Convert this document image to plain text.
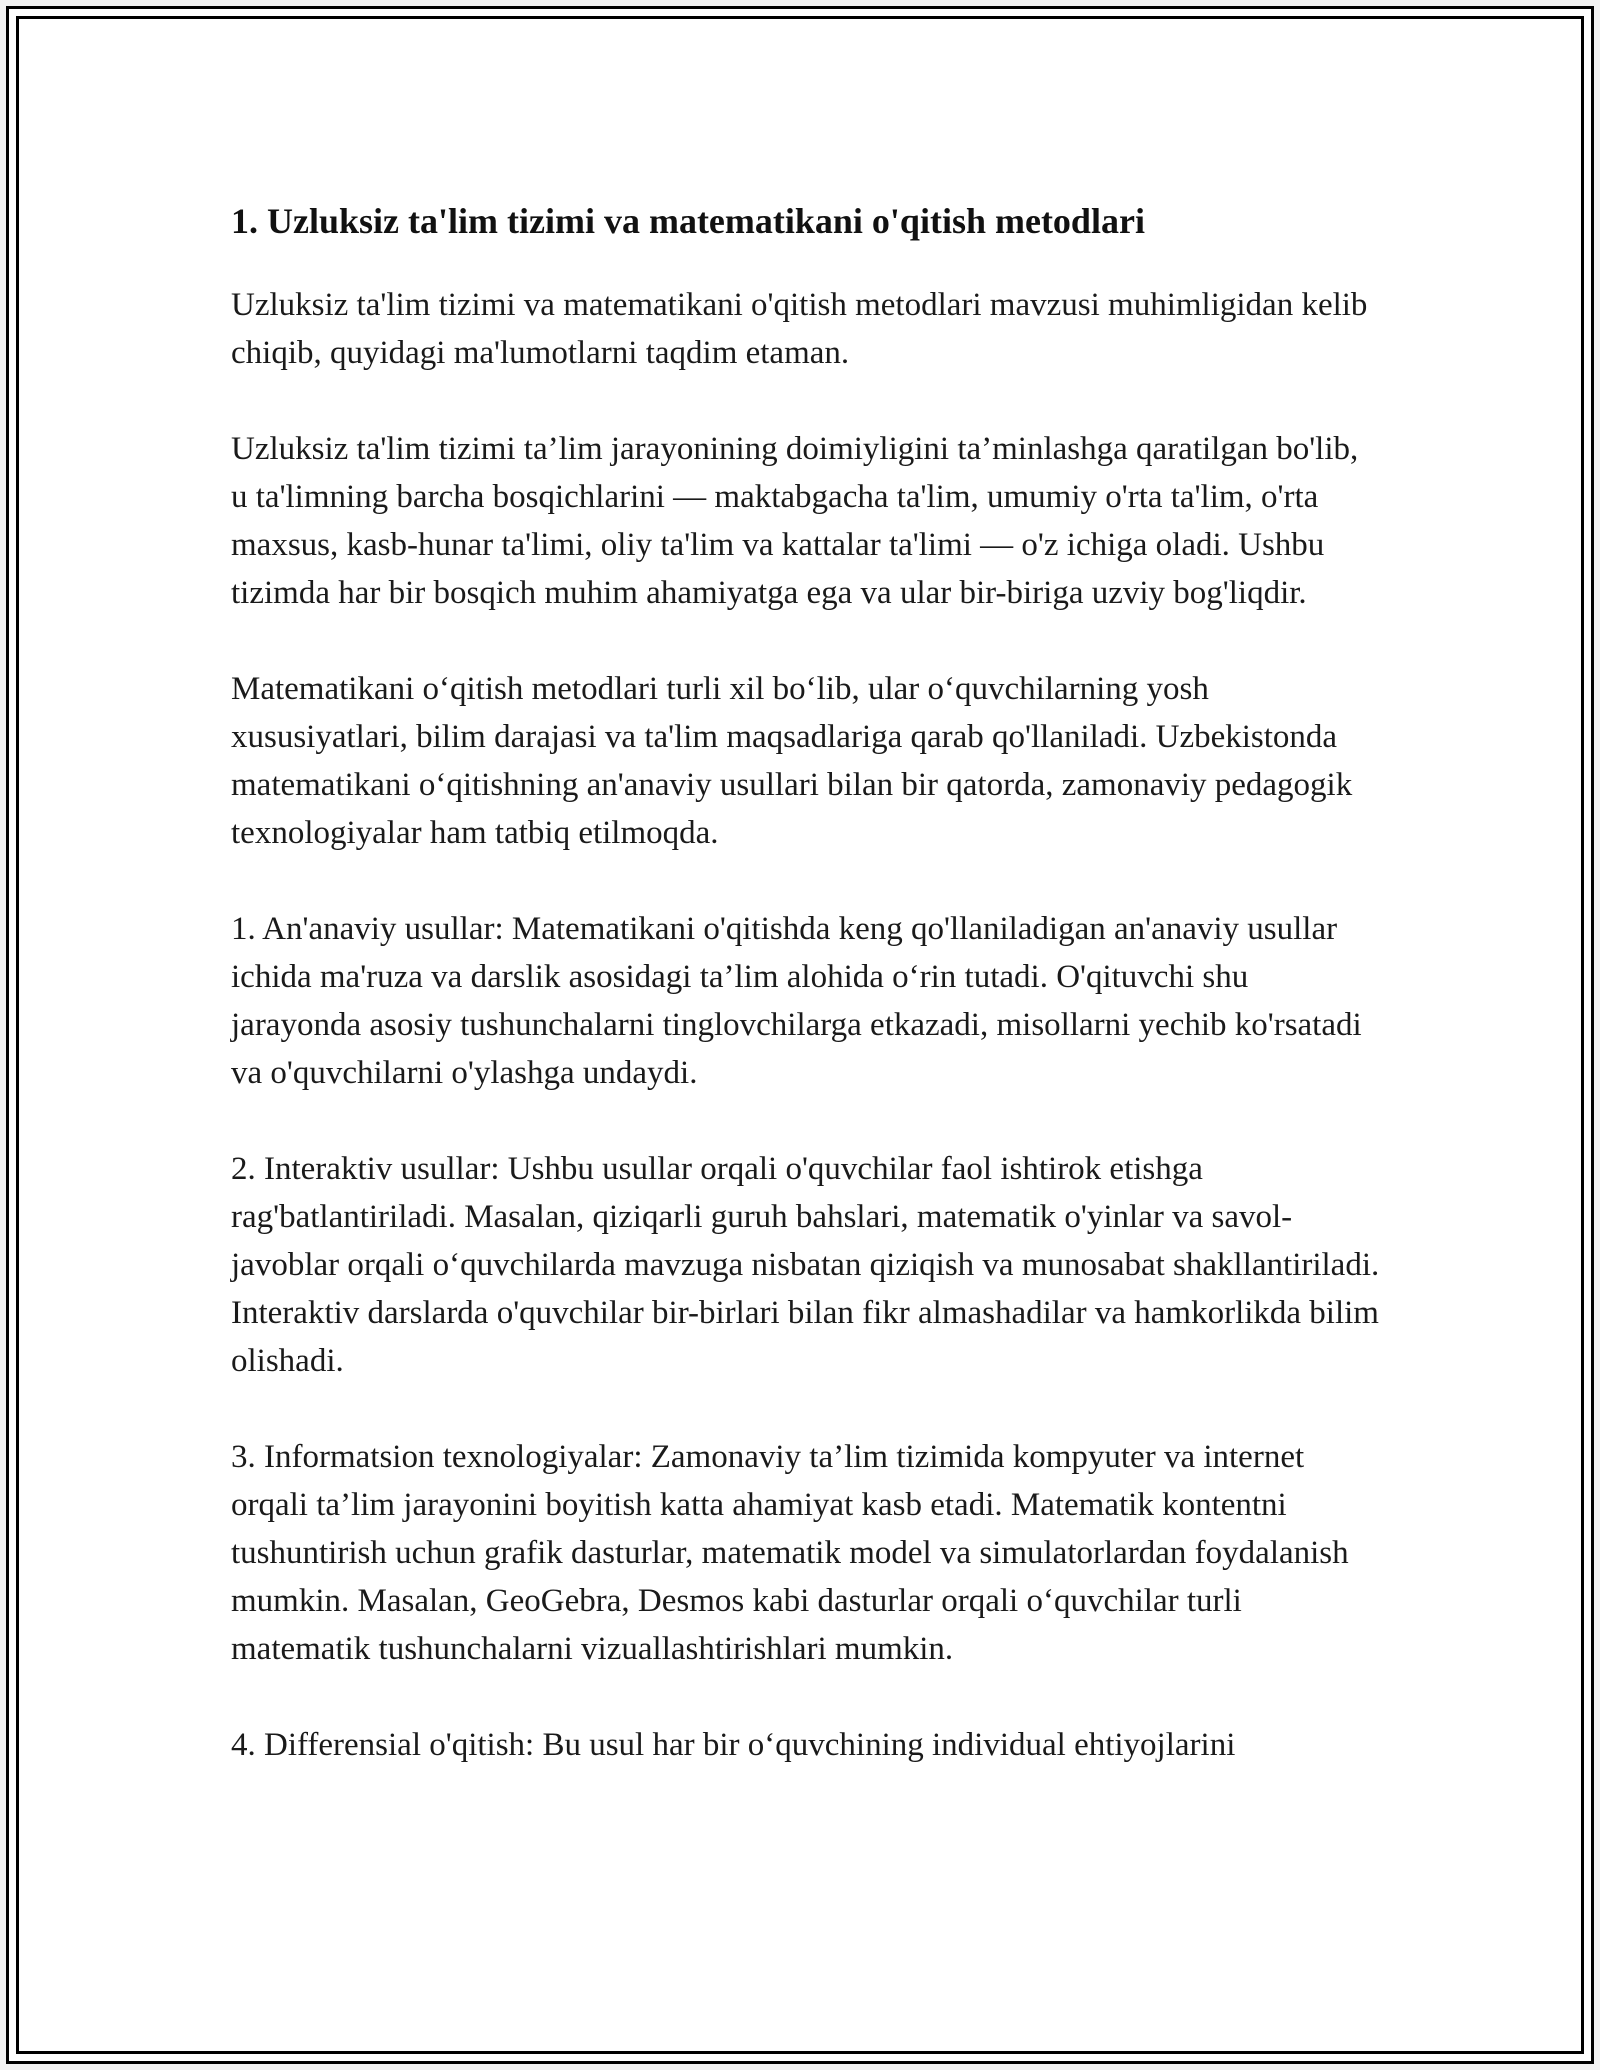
1. Uzluksiz ta'lim tizimi va matematikani o'qitish metodlari

Uzluksiz ta'lim tizimi va matematikani o'qitish metodlari mavzusi muhimligidan kelib chiqib, quyidagi ma'lumotlarni taqdim etaman.

Uzluksiz ta'lim tizimi ta’lim jarayonining doimiyligini ta’minlashga qaratilgan bo'lib, u ta'limning barcha bosqichlarini — maktabgacha ta'lim, umumiy o'rta ta'lim, o'rta maxsus, kasb-hunar ta'limi, oliy ta'lim va kattalar ta'limi — o'z ichiga oladi. Ushbu tizimda har bir bosqich muhim ahamiyatga ega va ular bir-biriga uzviy bog'liqdir.

Matematikani o‘qitish metodlari turli xil bo‘lib, ular o‘quvchilarning yosh xususiyatlari, bilim darajasi va ta'lim maqsadlariga qarab qo'llaniladi. Uzbekistonda matematikani o‘qitishning an'anaviy usullari bilan bir qatorda, zamonaviy pedagogik texnologiyalar ham tatbiq etilmoqda.

1. An'anaviy usullar: Matematikani o'qitishda keng qo'llaniladigan an'anaviy usullar ichida ma'ruza va darslik asosidagi ta’lim alohida o‘rin tutadi. O'qituvchi shu jarayonda asosiy tushunchalarni tinglovchilarga etkazadi, misollarni yechib ko'rsatadi va o'quvchilarni o'ylashga undaydi.

2. Interaktiv usullar: Ushbu usullar orqali o'quvchilar faol ishtirok etishga rag'batlantiriladi. Masalan, qiziqarli guruh bahslari, matematik o'yinlar va savol-javoblar orqali o‘quvchilarda mavzuga nisbatan qiziqish va munosabat shakllantiriladi. Interaktiv darslarda o'quvchilar bir-birlari bilan fikr almashadilar va hamkorlikda bilim olishadi.

3. Informatsion texnologiyalar: Zamonaviy ta’lim tizimida kompyuter va internet orqali ta’lim jarayonini boyitish katta ahamiyat kasb etadi. Matematik kontentni tushuntirish uchun grafik dasturlar, matematik model va simulatorlardan foydalanish mumkin. Masalan, GeoGebra, Desmos kabi dasturlar orqali o‘quvchilar turli matematik tushunchalarni vizuallashtirishlari mumkin.

4. Differensial o'qitish: Bu usul har bir o‘quvchining individual ehtiyojlarini
